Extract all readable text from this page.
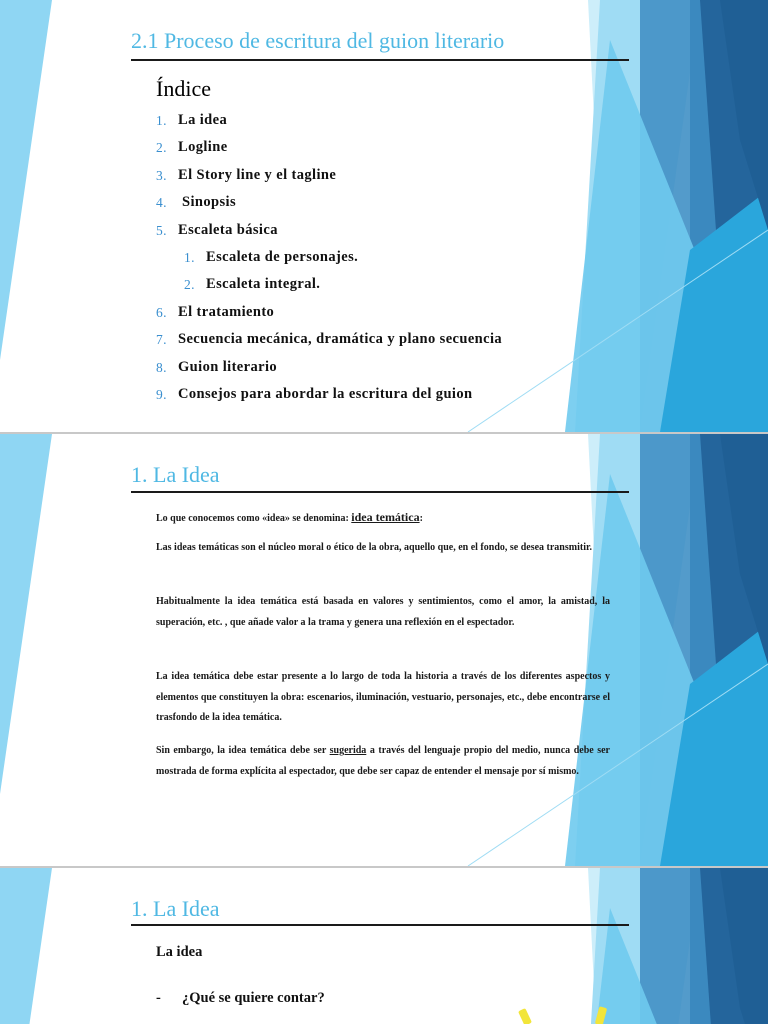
2.1 Proceso de escritura del guion literario
Índice
1. La idea
2. Logline
3. El Story line y el tagline
4. Sinopsis
5. Escaleta básica
1. Escaleta de personajes.
2. Escaleta integral.
6. El tratamiento
7. Secuencia mecánica, dramática y plano secuencia
8. Guion literario
9. Consejos para abordar la escritura del guion
1. La Idea

Lo que conocemos como «idea» se denomina: idea temática:

Las ideas temáticas son el núcleo moral o ético de la obra, aquello que, en el fondo, se desea transmitir.

Habitualmente la idea temática está basada en valores y sentimientos, como el amor, la amistad, la superación, etc. , que añade valor a la trama y genera una reflexión en el espectador.

La idea temática debe estar presente a lo largo de toda la historia a través de los diferentes aspectos y elementos que constituyen la obra: escenarios, iluminación, vestuario, personajes, etc., debe encontrarse el trasfondo de la idea temática.

Sin embargo, la idea temática debe ser sugerida a través del lenguaje propio del medio, nunca debe ser mostrada de forma explícita al espectador, que debe ser capaz de entender el mensaje por sí mismo.

1. La Idea
La idea
- ¿Qué se quiere contar?
